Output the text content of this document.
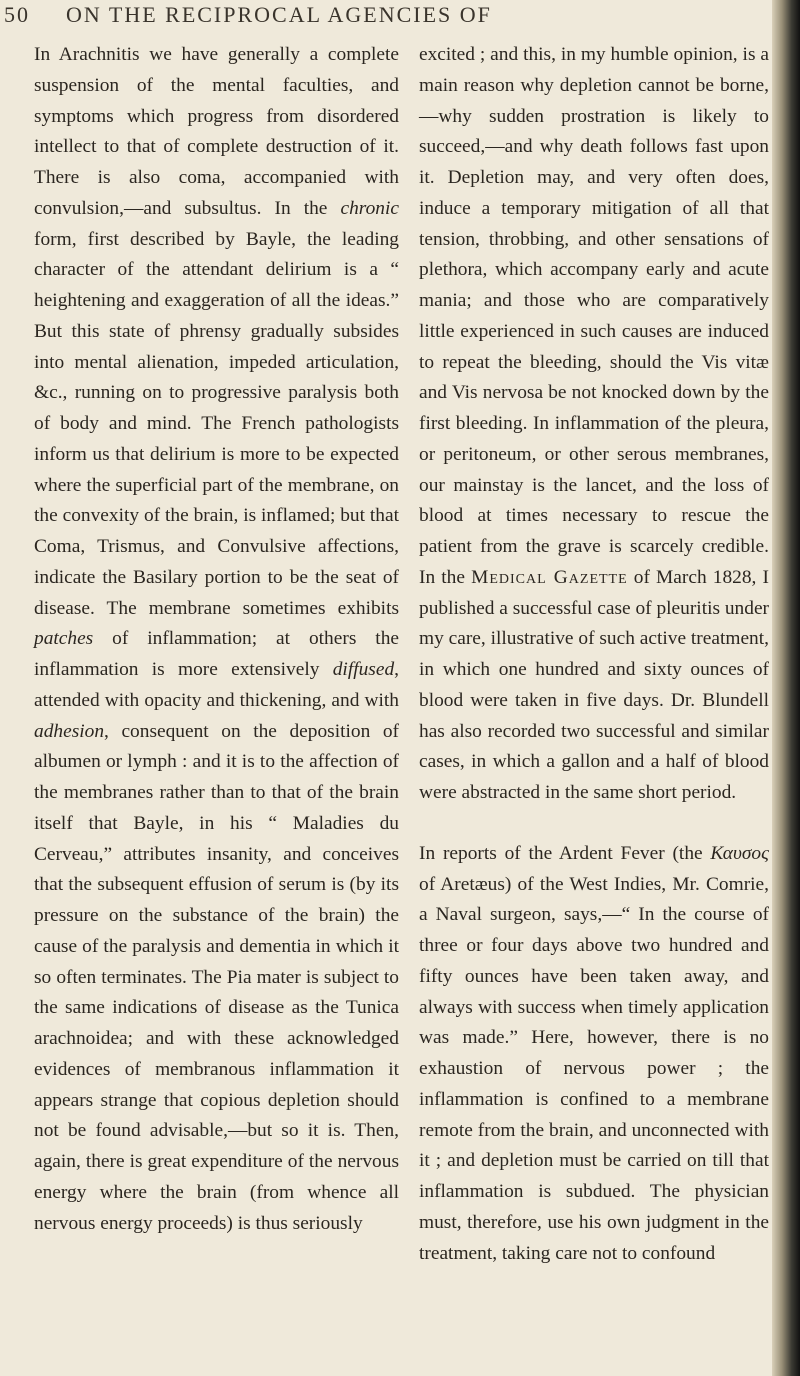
50 ON THE RECIPROCAL AGENCIES OF

In Arachnitis we have generally a complete suspension of the mental faculties, and symptoms which progress from disordered intellect to that of complete destruction of it. There is also coma, accompanied with convulsion,—and subsultus. In the chronic form, first described by Bayle, the leading character of the attendant delirium is a “ heightening and exaggeration of all the ideas.” But this state of phrensy gradually subsides into mental alienation, impeded articulation, &c., running on to progressive paralysis both of body and mind. The French pathologists inform us that delirium is more to be expected where the superficial part of the membrane, on the convexity of the brain, is inflamed; but that Coma, Trismus, and Convulsive affections, indicate the Basilary portion to be the seat of disease. The membrane sometimes exhibits patches of inflammation; at others the inflammation is more extensively diffused, attended with opacity and thickening, and with adhesion, consequent on the deposition of albumen or lymph : and it is to the affection of the membranes rather than to that of the brain itself that Bayle, in his “ Maladies du Cerveau,” attributes insanity, and conceives that the subsequent effusion of serum is (by its pressure on the substance of the brain) the cause of the paralysis and dementia in which it so often terminates. The Pia mater is subject to the same indications of disease as the Tunica arachnoidea; and with these acknowledged evidences of membranous inflammation it appears strange that copious depletion should not be found advisable,—but so it is. Then, again, there is great expenditure of the nervous energy where the brain (from whence all nervous energy proceeds) is thus seriously

excited ; and this, in my humble opinion, is a main reason why depletion cannot be borne,—why sudden prostration is likely to succeed,—and why death follows fast upon it. Depletion may, and very often does, induce a temporary mitigation of all that tension, throbbing, and other sensations of plethora, which accompany early and acute mania; and those who are comparatively little experienced in such causes are induced to repeat the bleeding, should the Vis vitæ and Vis nervosa be not knocked down by the first bleeding. In inflammation of the pleura, or peritoneum, or other serous membranes, our mainstay is the lancet, and the loss of blood at times necessary to rescue the patient from the grave is scarcely credible. In the Medical Gazette of March 1828, I published a successful case of pleuritis under my care, illustrative of such active treatment, in which one hundred and sixty ounces of blood were taken in five days. Dr. Blundell has also recorded two successful and similar cases, in which a gallon and a half of blood were abstracted in the same short period.

In reports of the Ardent Fever (the Καυσος of Aretæus) of the West Indies, Mr. Comrie, a Naval surgeon, says,—“ In the course of three or four days above two hundred and fifty ounces have been taken away, and always with success when timely application was made.” Here, however, there is no exhaustion of nervous power ; the inflammation is confined to a membrane remote from the brain, and unconnected with it ; and depletion must be carried on till that inflammation is subdued. The physician must, therefore, use his own judgment in the treatment, taking care not to confound
